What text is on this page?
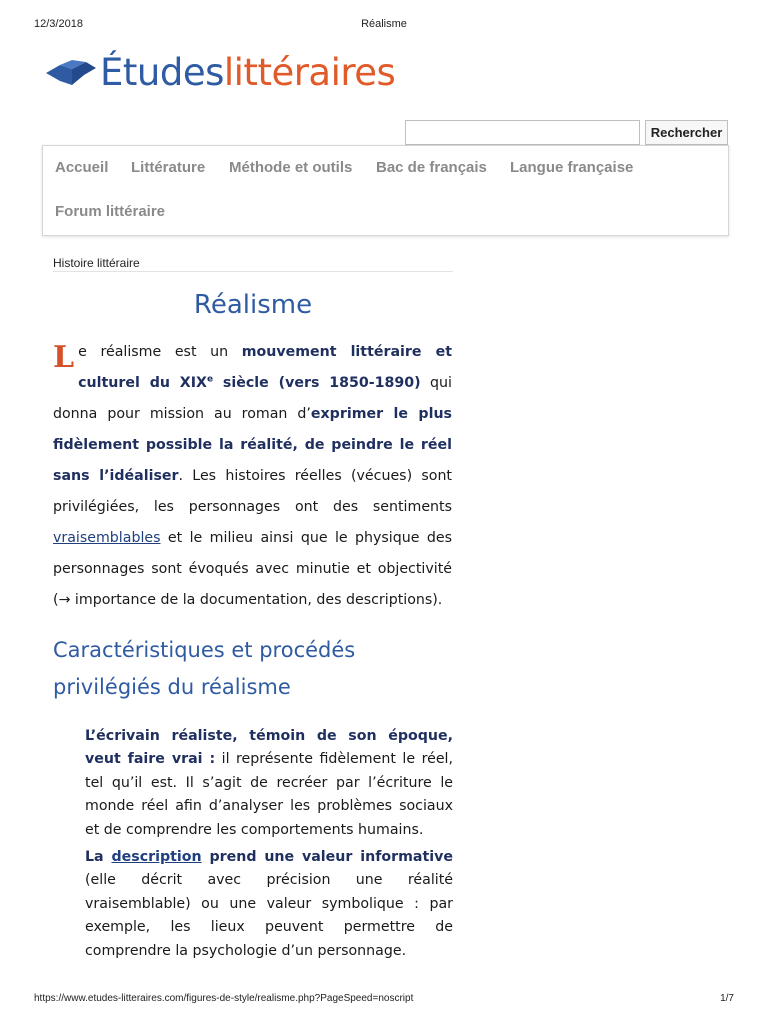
12/3/2018	Réalisme
Étudeslittéraires
Rechercher
Accueil Littérature Méthode et outils Bac de français Langue française
Forum littéraire
Histoire littéraire
Réalisme
Le réalisme est un mouvement littéraire et culturel du XIXe siècle (vers 1850-1890) qui donna pour mission au roman d’exprimer le plus fidèlement possible la réalité, de peindre le réel sans l’idéaliser. Les histoires réelles (vécues) sont privilégiées, les personnages ont des sentiments vraisemblables et le milieu ainsi que le physique des personnages sont évoqués avec minutie et objectivité (→ importance de la documentation, des descriptions).
Caractéristiques et procédés privilégiés du réalisme
L’écrivain réaliste, témoin de son époque, veut faire vrai : il représente fidèlement le réel, tel qu’il est. Il s’agit de recréer par l’écriture le monde réel afin d’analyser les problèmes sociaux et de comprendre les comportements humains.
La description prend une valeur informative (elle décrit avec précision une réalité vraisemblable) ou une valeur symbolique : par exemple, les lieux peuvent permettre de comprendre la psychologie d’un personnage.
https://www.etudes-litteraires.com/figures-de-style/realisme.php?PageSpeed=noscript	1/7
